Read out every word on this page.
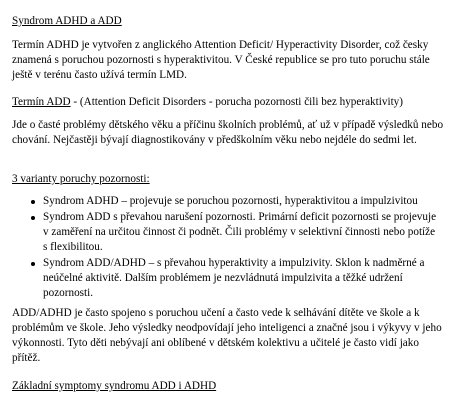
Syndrom ADHD a ADD

Termín ADHD je vytvořen z anglického Attention Deficit/ Hyperactivity Disorder, což česky znamená s poruchou pozornosti s hyperaktivitou. V České republice se pro tuto poruchu stále ještě v terénu často užívá termín LMD.

Termín ADD - (Attention Deficit Disorders - porucha pozornosti čili bez hyperaktivity)

Jde o časté problémy dětského věku a příčinu školních problémů, ať už v případě výsledků nebo chování. Nejčastěji bývají diagnostikovány v předškolním věku nebo nejdéle do sedmi let.

3 varianty poruchy pozornosti:

Syndrom ADHD – projevuje se poruchou pozornosti, hyperaktivitou a impulzivitou
Syndrom ADD s převahou narušení pozornosti. Primární deficit pozornosti se projevuje v zaměření na určitou činnost či podnět. Čili problémy v selektivní činnosti nebo potíže s flexibilitou.
Syndrom ADD/ADHD – s převahou hyperaktivity a impulzivity. Sklon k nadměrné a neúčelné aktivitě. Dalším problémem je nezvládnutá impulzivita a těžké udržení pozornosti.

ADD/ADHD je často spojeno s poruchou učení a často vede k selhávání dítěte ve škole a k problémům ve škole. Jeho výsledky neodpovídají jeho inteligenci a značné jsou i výkyvy v jeho výkonnosti. Tyto děti nebývají ani oblíbené v dětském kolektivu a učitelé je často vidí jako přítěž.

Základní symptomy syndromu ADD i ADHD
